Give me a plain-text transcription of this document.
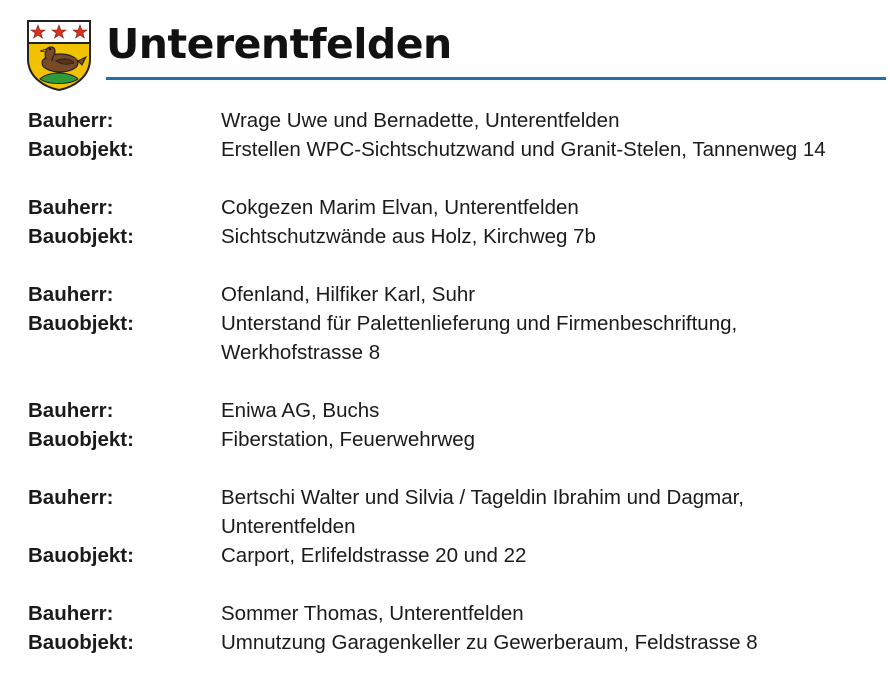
Unterentfelden
Bauherr:	Wrage Uwe und Bernadette, Unterentfelden
Bauobjekt:	Erstellen WPC-Sichtschutzwand und Granit-Stelen, Tannenweg 14
Bauherr:	Cokgezen Marim Elvan, Unterentfelden
Bauobjekt:	Sichtschutzwände aus Holz, Kirchweg 7b
Bauherr:	Ofenland, Hilfiker Karl, Suhr
Bauobjekt:	Unterstand für Palettenlieferung und Firmenbeschriftung,
Werkhofstrasse 8
Bauherr:	Eniwa AG, Buchs
Bauobjekt:	Fiberstation, Feuerwehrweg
Bauherr:	Bertschi Walter und Silvia / Tageldin Ibrahim und Dagmar,
Unterentfelden
Bauobjekt:	Carport, Erlifeldstrasse 20 und 22
Bauherr:	Sommer Thomas, Unterentfelden
Bauobjekt:	Umnutzung Garagenkeller zu Gewerberaum, Feldstrasse 8
